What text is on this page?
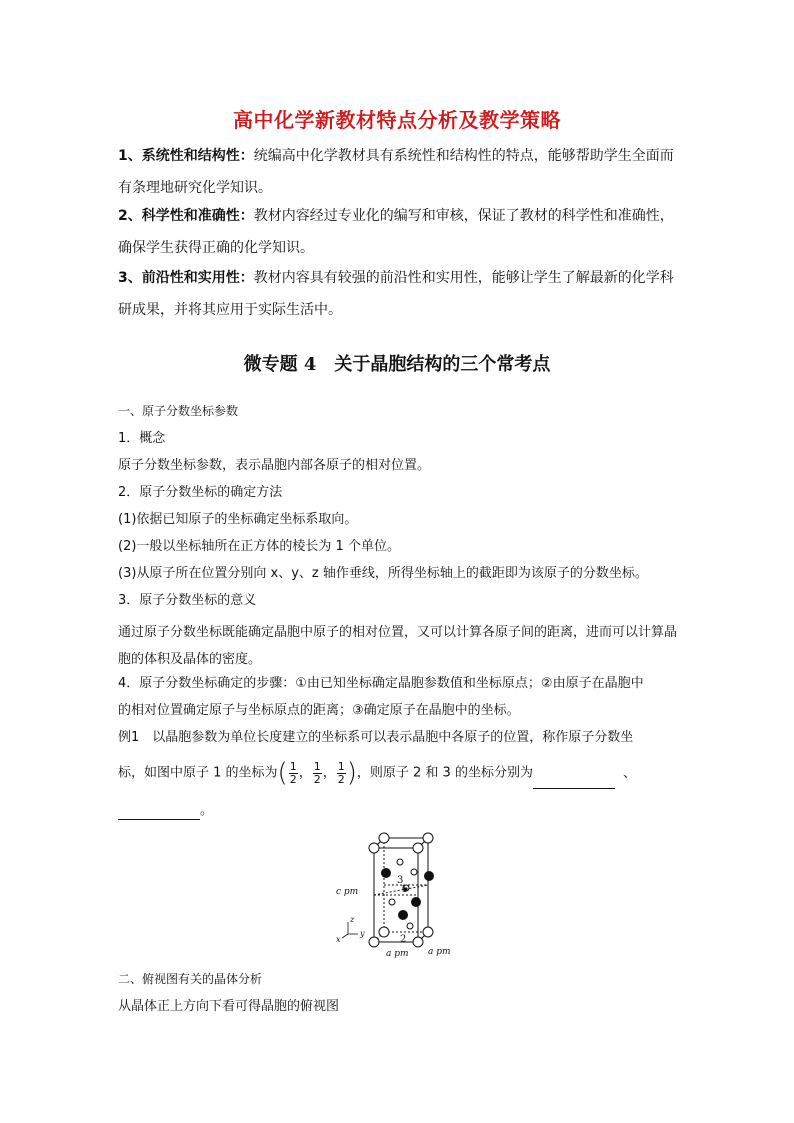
高中化学新教材特点分析及教学策略
1、系统性和结构性：统编高中化学教材具有系统性和结构性的特点，能够帮助学生全面而有条理地研究化学知识。
2、科学性和准确性：教材内容经过专业化的编写和审核，保证了教材的科学性和准确性，确保学生获得正确的化学知识。
3、前沿性和实用性：教材内容具有较强的前沿性和实用性，能够让学生了解最新的化学科研成果，并将其应用于实际生活中。
微专题 4　关于晶胞结构的三个常考点
一、原子分数坐标参数
1．概念
原子分数坐标参数，表示晶胞内部各原子的相对位置。
2．原子分数坐标的确定方法
(1)依据已知原子的坐标确定坐标系取向。
(2)一般以坐标轴所在正方体的棱长为 1 个单位。
(3)从原子所在位置分别向 x、y、z 轴作垂线，所得坐标轴上的截距即为该原子的分数坐标。
3．原子分数坐标的意义
通过原子分数坐标既能确定晶胞中原子的相对位置，又可以计算各原子间的距离，进而可以计算晶胞的体积及晶体的密度。
4．原子分数坐标确定的步骤：①由已知坐标确定晶胞参数值和坐标原点；②由原子在晶胞中
的相对位置确定原子与坐标原点的距离；③确定原子在晶胞中的坐标。
例1　以晶胞参数为单位长度建立的坐标系可以表示晶胞中各原子的位置，称作原子分数坐
标，如图中原子 1 的坐标为( $\frac{1}{2}$ ， $\frac{1}{2}$ ， $\frac{1}{2}$ )，则原子 2 和 3 的坐标分别为	、
。
3
1
2
c pm
a pm a pm
z
y
x
二、俯视图有关的晶体分析
从晶体正上方向下看可得晶胞的俯视图
